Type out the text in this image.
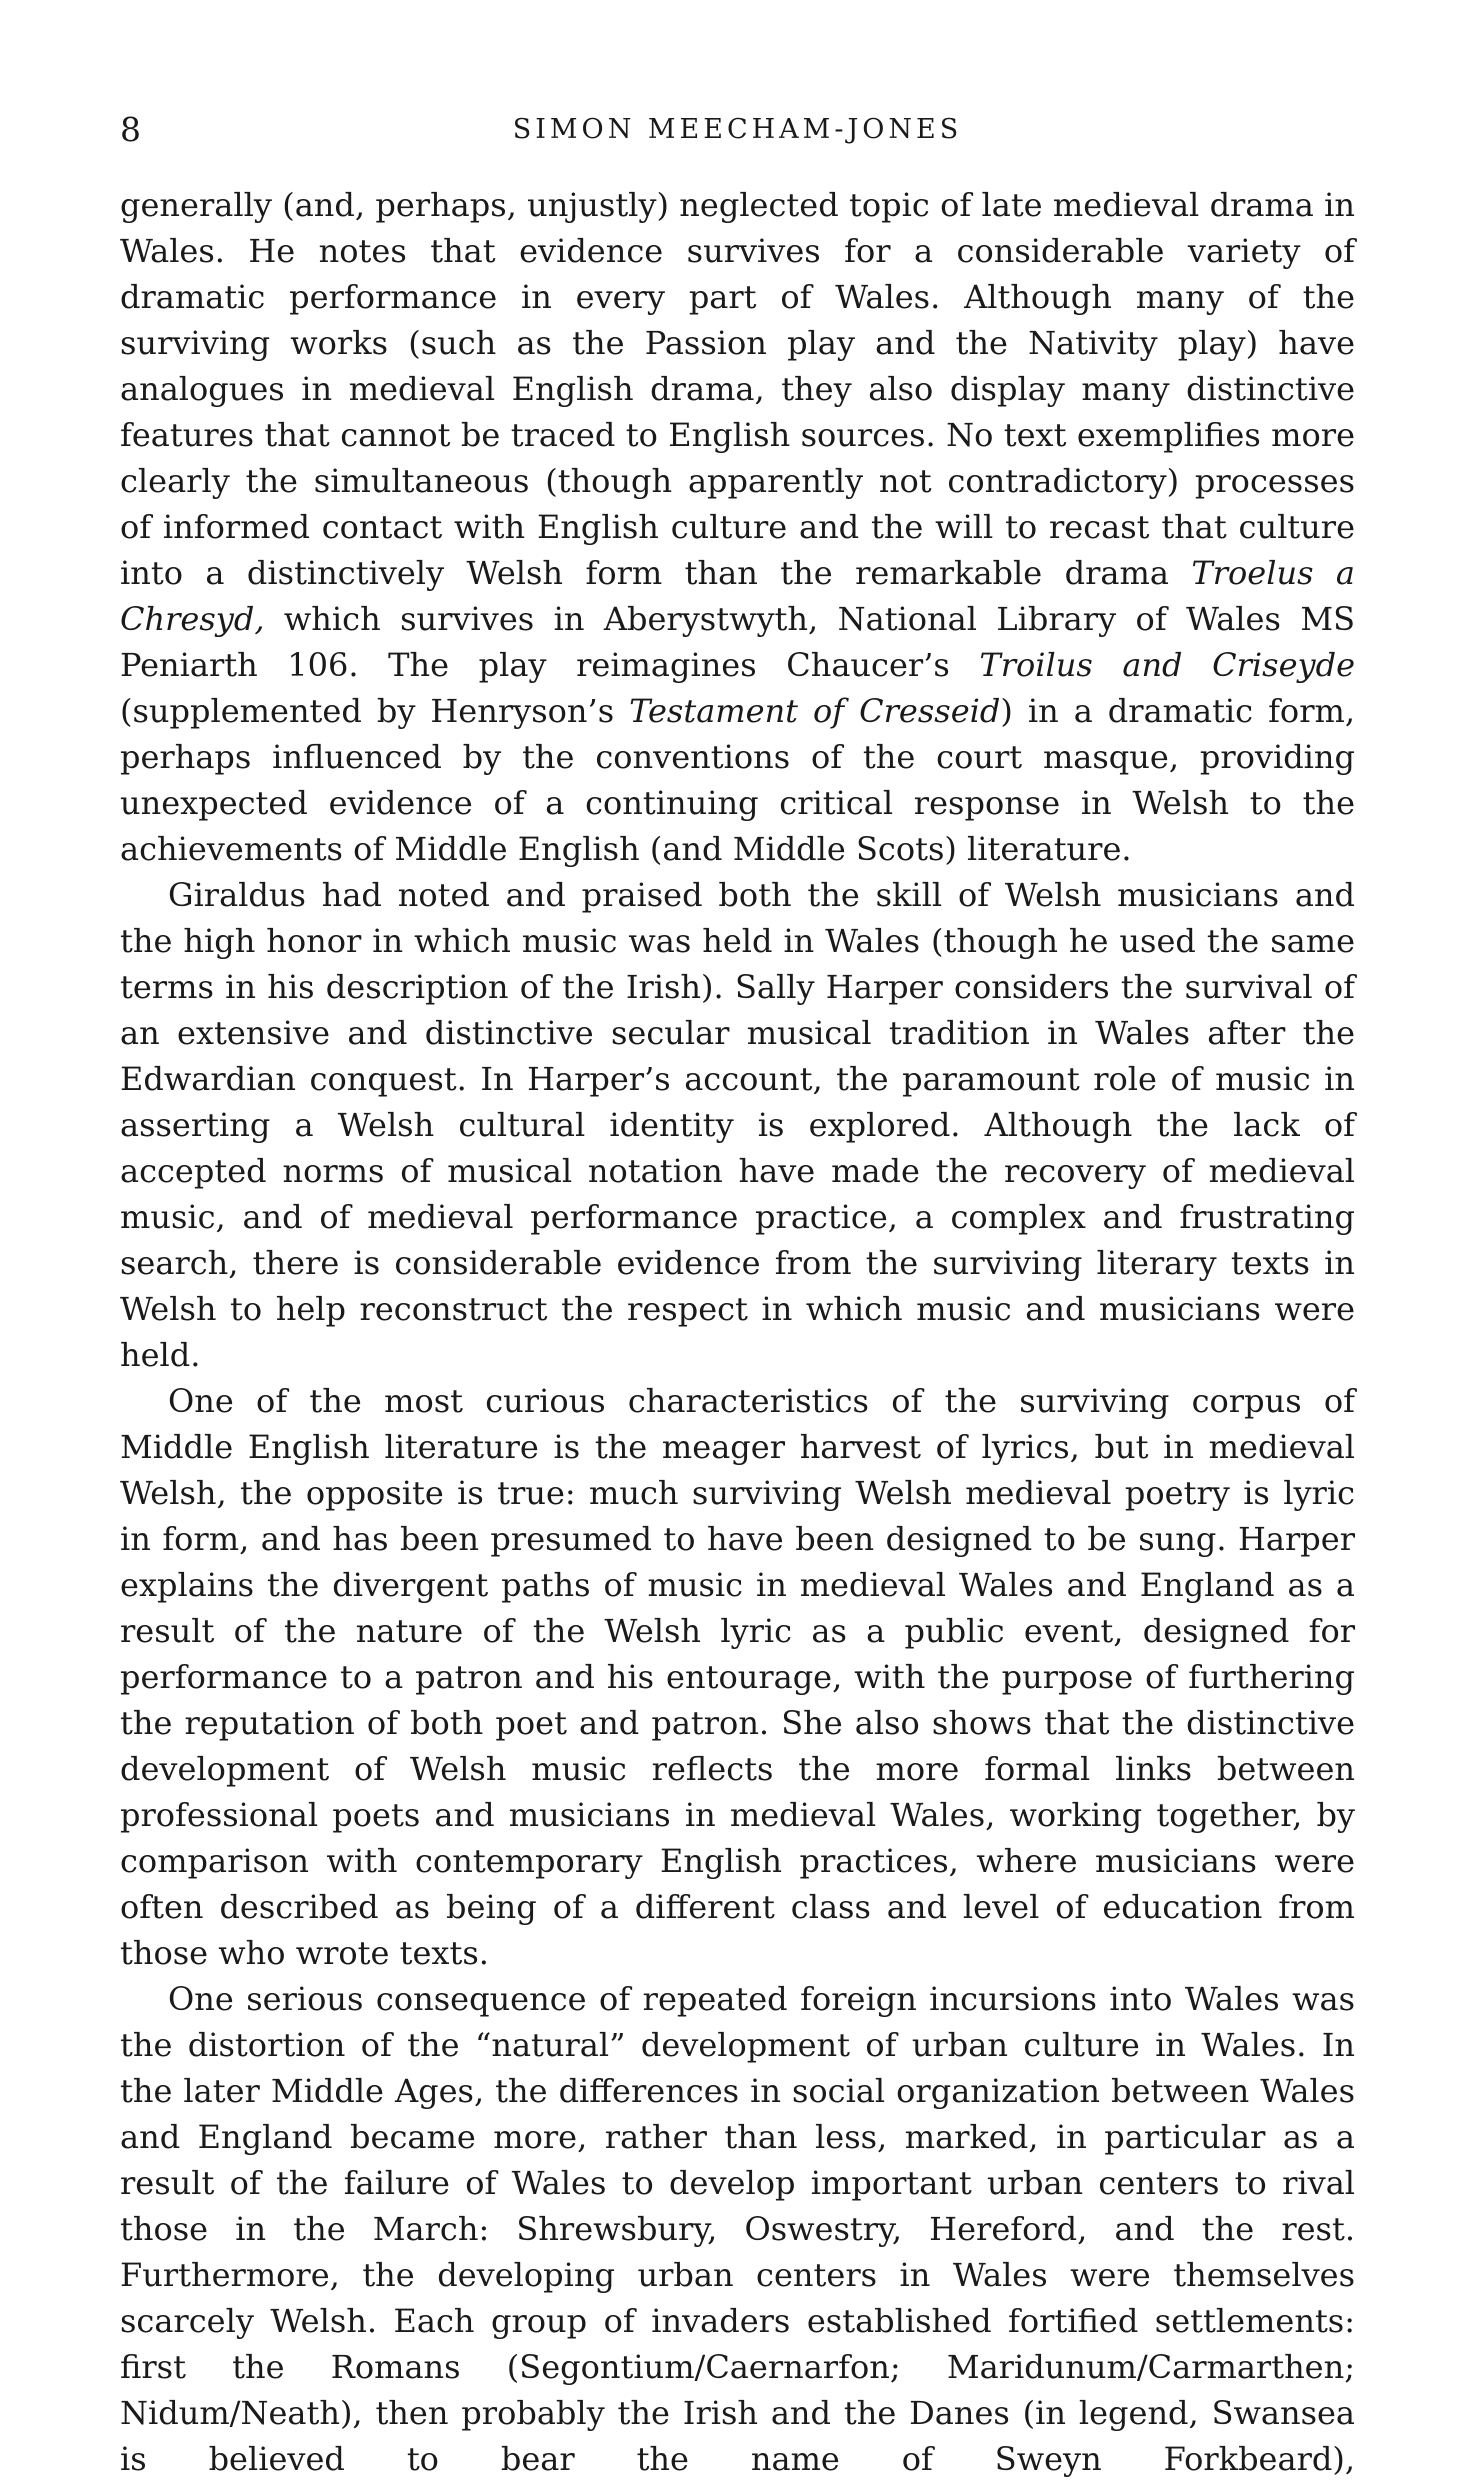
8	SIMON MEECHAM-JONES

generally (and, perhaps, unjustly) neglected topic of late medieval drama in Wales. He notes that evidence survives for a considerable variety of dramatic performance in every part of Wales. Although many of the surviving works (such as the Passion play and the Nativity play) have analogues in medieval English drama, they also display many distinctive features that cannot be traced to English sources. No text exemplifies more clearly the simultaneous (though apparently not contradictory) processes of informed contact with English culture and the will to recast that culture into a distinctively Welsh form than the remarkable drama Troelus a Chresyd, which survives in Aberystwyth, National Library of Wales MS Peniarth 106. The play reimagines Chaucer’s Troilus and Criseyde (supplemented by Henryson’s Testament of Cresseid) in a dramatic form, perhaps influenced by the conventions of the court masque, providing unexpected evidence of a continuing critical response in Welsh to the achievements of Middle English (and Middle Scots) literature.

Giraldus had noted and praised both the skill of Welsh musicians and the high honor in which music was held in Wales (though he used the same terms in his description of the Irish). Sally Harper considers the survival of an extensive and distinctive secular musical tradition in Wales after the Edwardian conquest. In Harper’s account, the paramount role of music in asserting a Welsh cultural identity is explored. Although the lack of accepted norms of musical notation have made the recovery of medieval music, and of medieval performance practice, a complex and frustrating search, there is considerable evidence from the surviving literary texts in Welsh to help reconstruct the respect in which music and musicians were held.

One of the most curious characteristics of the surviving corpus of Middle English literature is the meager harvest of lyrics, but in medieval Welsh, the opposite is true: much surviving Welsh medieval poetry is lyric in form, and has been presumed to have been designed to be sung. Harper explains the divergent paths of music in medieval Wales and England as a result of the nature of the Welsh lyric as a public event, designed for performance to a patron and his entourage, with the purpose of furthering the reputation of both poet and patron. She also shows that the distinctive development of Welsh music reflects the more formal links between professional poets and musicians in medieval Wales, working together, by comparison with contemporary English practices, where musicians were often described as being of a different class and level of education from those who wrote texts.

One serious consequence of repeated foreign incursions into Wales was the distortion of the “natural” development of urban culture in Wales. In the later Middle Ages, the differences in social organization between Wales and England became more, rather than less, marked, in particular as a result of the failure of Wales to develop important urban centers to rival those in the March: Shrewsbury, Oswestry, Hereford, and the rest. Furthermore, the developing urban centers in Wales were themselves scarcely Welsh. Each group of invaders established fortified settlements: first the Romans (Segontium/Caernarfon; Maridunum/Carmarthen; Nidum/Neath), then probably the Irish and the Danes (in legend, Swansea is believed to bear the name of Sweyn Forkbeard),
